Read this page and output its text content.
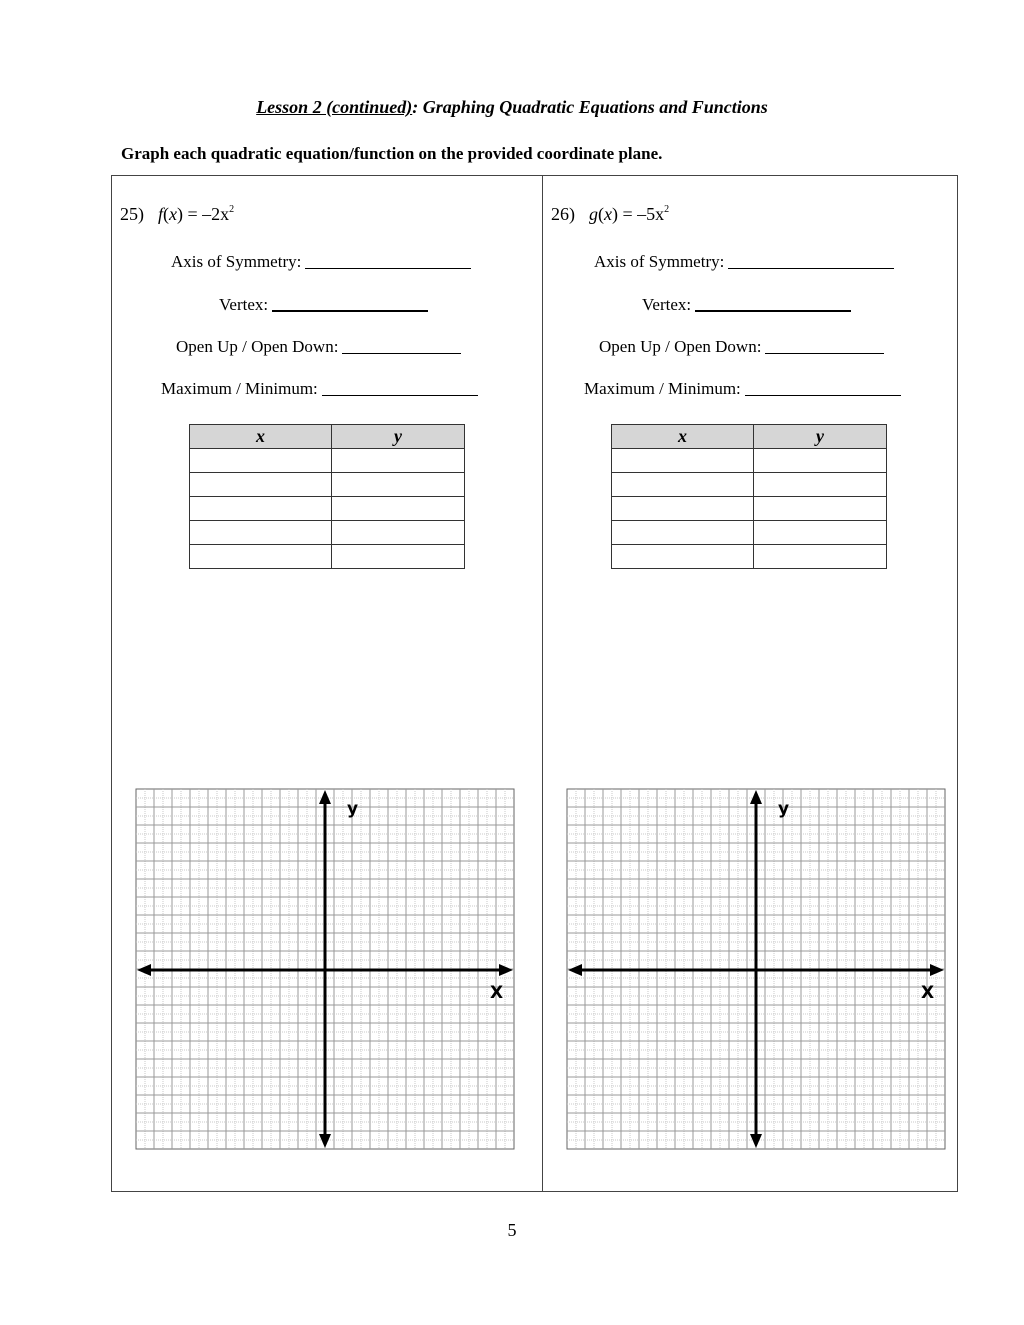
Lesson 2 (continued): Graphing Quadratic Equations and Functions
Graph each quadratic equation/function on the provided coordinate plane.
25) $f(x) = -2x^2$
Axis of Symmetry:
Vertex:
Open Up / Open Down:
Maximum / Minimum:
x	y

y
X
26) $g(x) = -5x^2$
Axis of Symmetry:
Vertex:
Open Up / Open Down:
Maximum / Minimum:
x	y

y
X
5
